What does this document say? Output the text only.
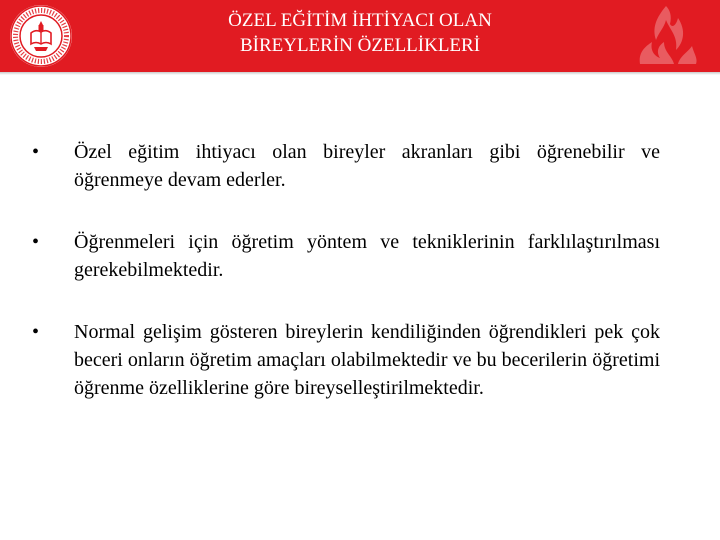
ÖZEL EĞİTİM İHTİYACI OLAN
BİREYLERİN ÖZELLİKLERİ
•	Özel eğitim ihtiyacı olan bireyler akranları gibi öğrenebilir ve öğrenmeye devam ederler.
•	Öğrenmeleri için öğretim yöntem ve tekniklerinin farklılaştırılması gerekebilmektedir.
•	Normal gelişim gösteren bireylerin kendiliğinden öğrendikleri pek çok beceri onların öğretim amaçları olabilmektedir ve bu becerilerin öğretimi öğrenme özelliklerine göre bireyselleştirilmektedir.
